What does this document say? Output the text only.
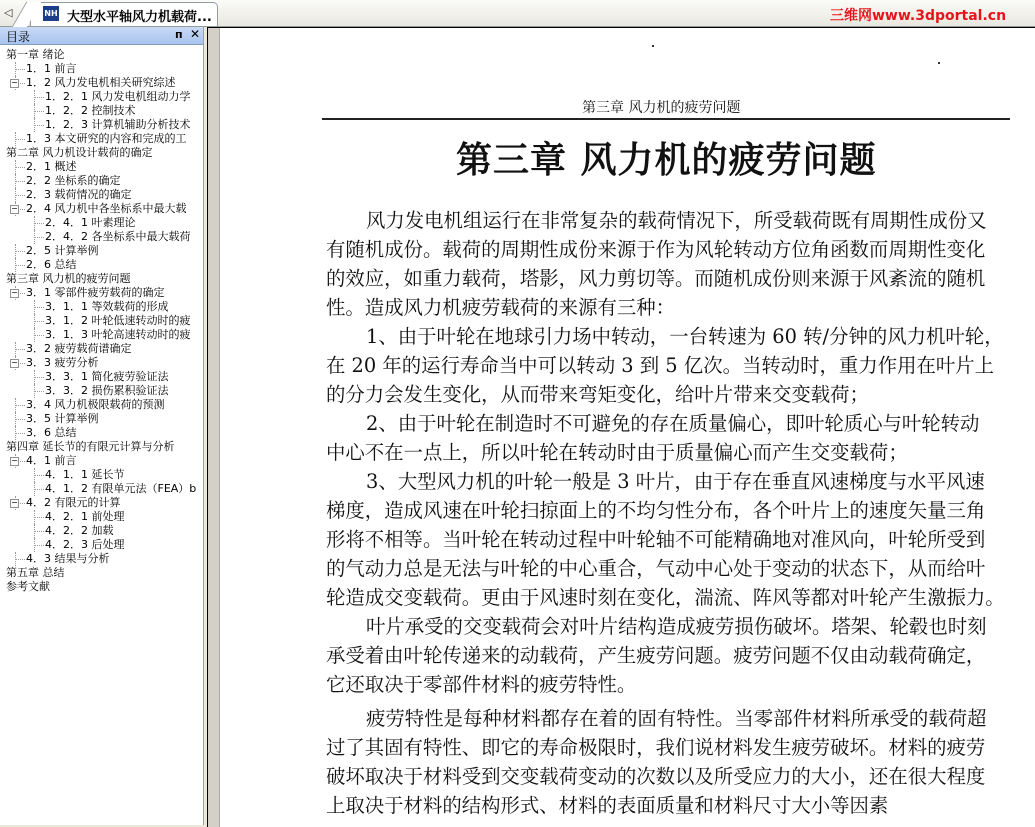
◁	NH 大型水平轴风力机载荷...
目录	ᴨ ✕
第一章 绪论
1．1 前言
− 1．2 风力发电机相关研究综述
1．2．1 风力发电机组动力学
1．2．2 控制技术
1．2．3 计算机辅助分析技术
1．3 本文研究的内容和完成的工
第二章 风力机设计载荷的确定
2．1 概述
2．2 坐标系的确定
2．3 载荷情况的确定
− 2．4 风力机中各坐标系中最大载
2．4．1 叶素理论
2．4．2 各坐标系中最大载荷
2．5 计算举例
2．6 总结
第三章 风力机的疲劳问题
− 3．1 零部件疲劳载荷的确定
3．1．1 等效载荷的形成
3．1．2 叶轮低速转动时的疲
3．1．3 叶轮高速转动时的疲
3．2 疲劳载荷谱确定
− 3．3 疲劳分析
3．3．1 简化疲劳验证法
3．3．2 损伤累积验证法
3．4 风力机极限载荷的预测
3．5 计算举例
3．6 总结
第四章 延长节的有限元计算与分析
− 4．1 前言
4．1．1 延长节
4．1．2 有限单元法（FEA）b
− 4．2 有限元的计算
4．2．1 前处理
4．2．2 加载
4．2．3 后处理
4．3 结果与分析
第五章 总结
参考文献
第三章 风力机的疲劳问题
第三章 风力机的疲劳问题
风力发电机组运行在非常复杂的载荷情况下，所受载荷既有周期性成份又
有随机成份。载荷的周期性成份来源于作为风轮转动方位角函数而周期性变化
的效应，如重力载荷，塔影，风力剪切等。而随机成份则来源于风紊流的随机
性。造成风力机疲劳载荷的来源有三种：
1、由于叶轮在地球引力场中转动，一台转速为 60 转/分钟的风力机叶轮，
在 20 年的运行寿命当中可以转动 3 到 5 亿次。当转动时，重力作用在叶片上
的分力会发生变化，从而带来弯矩变化，给叶片带来交变载荷；
2、由于叶轮在制造时不可避免的存在质量偏心，即叶轮质心与叶轮转动
中心不在一点上，所以叶轮在转动时由于质量偏心而产生交变载荷；
3、大型风力机的叶轮一般是 3 叶片，由于存在垂直风速梯度与水平风速
梯度，造成风速在叶轮扫掠面上的不均匀性分布，各个叶片上的速度矢量三角
形将不相等。当叶轮在转动过程中叶轮轴不可能精确地对准风向，叶轮所受到
的气动力总是无法与叶轮的中心重合，气动中心处于变动的状态下，从而给叶
轮造成交变载荷。更由于风速时刻在变化，湍流、阵风等都对叶轮产生激振力。
叶片承受的交变载荷会对叶片结构造成疲劳损伤破坏。塔架、轮毂也时刻
承受着由叶轮传递来的动载荷，产生疲劳问题。疲劳问题不仅由动载荷确定，
它还取决于零部件材料的疲劳特性。
疲劳特性是每种材料都存在着的固有特性。当零部件材料所承受的载荷超
过了其固有特性、即它的寿命极限时，我们说材料发生疲劳破坏。材料的疲劳
破坏取决于材料受到交变载荷变动的次数以及所受应力的大小，还在很大程度
上取决于材料的结构形式、材料的表面质量和材料尺寸大小等因素
三维网www.3dportal.cn
